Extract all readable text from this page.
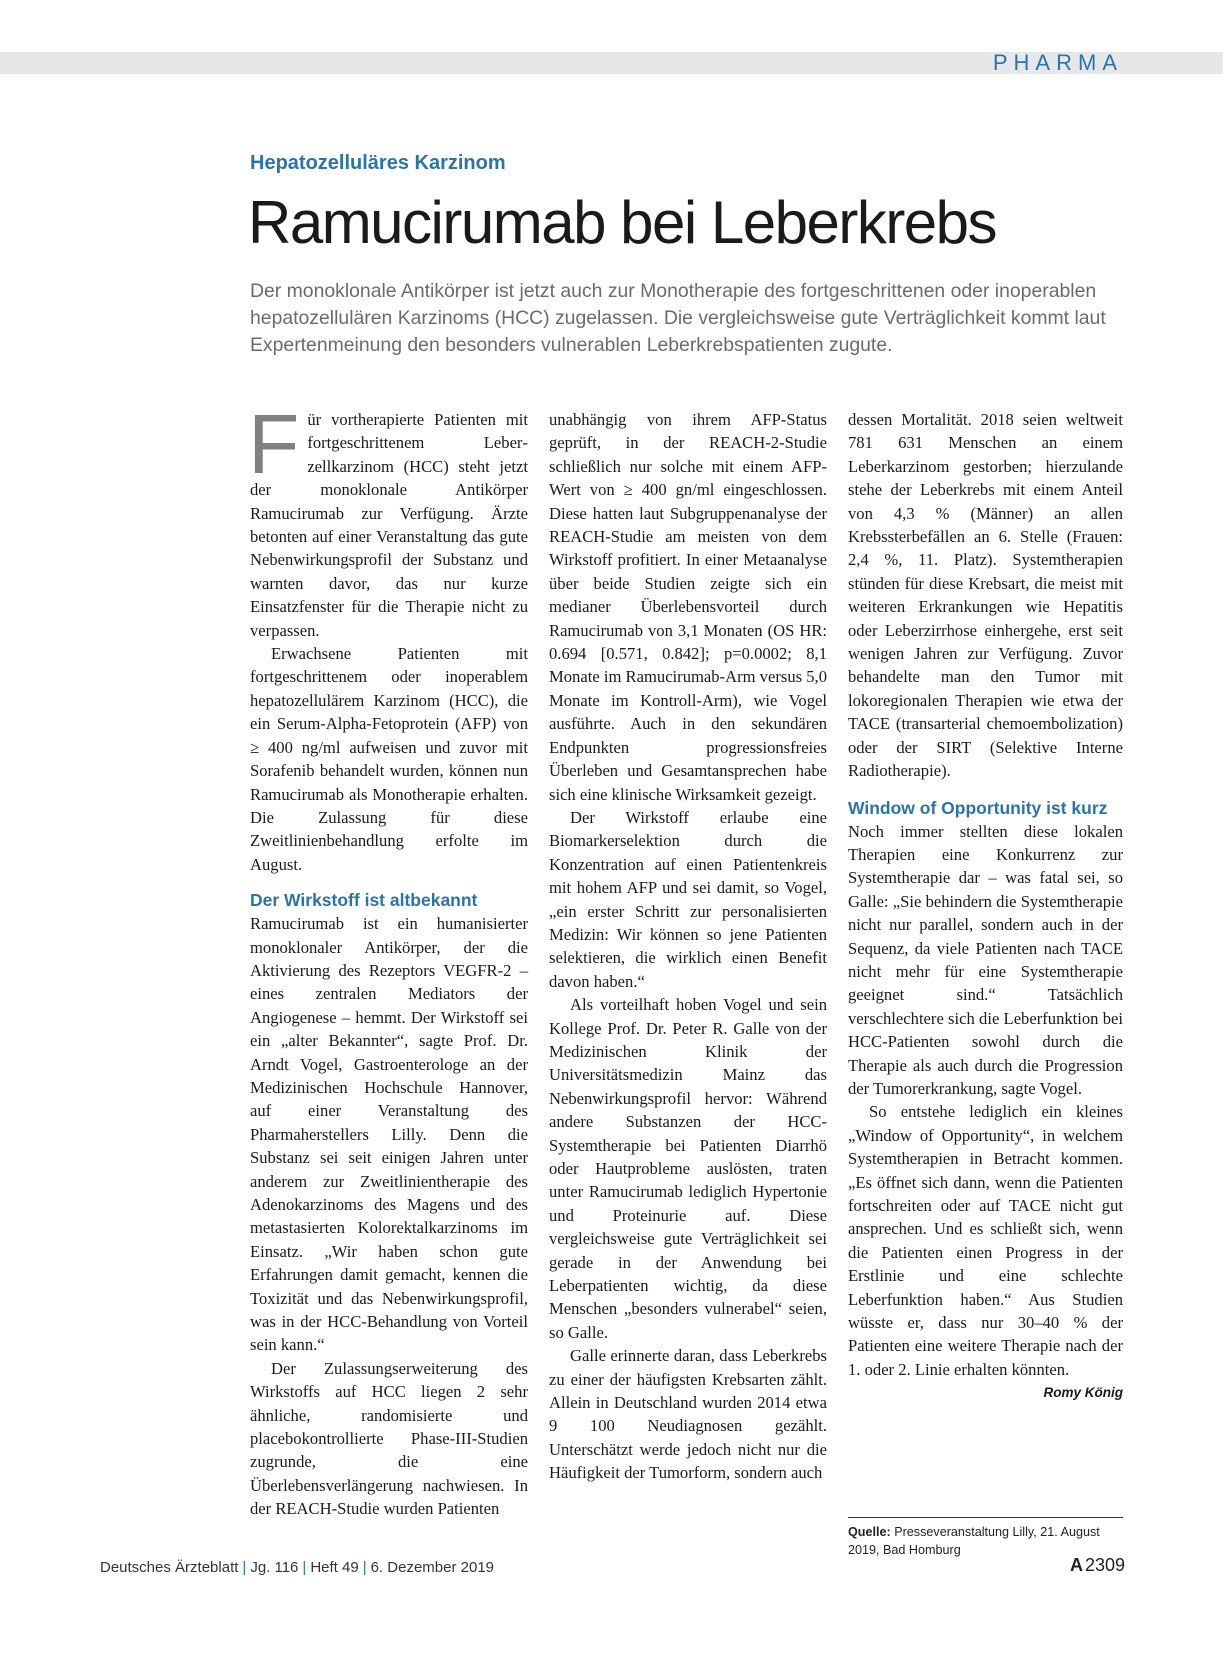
PHARMA
Hepatozelluläres Karzinom
Ramucirumab bei Leberkrebs

Der monoklonale Antikörper ist jetzt auch zur Monotherapie des fortgeschrittenen oder inoperablen hepatozellulären Karzinoms (HCC) zugelassen. Die vergleichsweise gute Verträglichkeit kommt laut Expertenmeinung den besonders vulnerablen Leberkrebspatienten zugute.

Für vortherapierte Patienten mit fortgeschrittenem Leberzellkarzinom (HCC) steht jetzt der monoklonale Antikörper Ramucirumab zur Verfügung. Ärzte betonten auf einer Veranstaltung das gute Nebenwirkungsprofil der Substanz und warnten davor, das nur kurze Einsatzfenster für die Therapie nicht zu verpassen.

Erwachsene Patienten mit fortgeschrittenem oder inoperablem hepatozellulärem Karzinom (HCC), die ein Serum-Alpha-Fetoprotein (AFP) von ≥ 400 ng/ml aufweisen und zuvor mit Sorafenib behandelt wurden, können nun Ramucirumab als Monotherapie erhalten. Die Zulassung für diese Zweitlinienbehandlung erfolte im August.

Der Wirkstoff ist altbekannt

Ramucirumab ist ein humanisierter monoklonaler Antikörper, der die Aktivierung des Rezeptors VEGFR-2 – eines zentralen Mediators der Angiogenese – hemmt. Der Wirkstoff sei ein „alter Bekannter“, sagte Prof. Dr. Arndt Vogel, Gastroenterologe an der Medizinischen Hochschule Hannover, auf einer Veranstaltung des Pharmaherstellers Lilly. Denn die Substanz sei seit einigen Jahren unter anderem zur Zweitlinientherapie des Adenokarzinoms des Magens und des metastasierten Kolorektalkarzinoms im Einsatz. „Wir haben schon gute Erfahrungen damit gemacht, kennen die Toxizität und das Nebenwirkungsprofil, was in der HCC-Behandlung von Vorteil sein kann.“

Der Zulassungserweiterung des Wirkstoffs auf HCC liegen 2 sehr ähnliche, randomisierte und placebokontrollierte Phase-III-Studien zugrunde, die eine Überlebensverlängerung nachwiesen. In der REACH-Studie wurden Patienten

unabhängig von ihrem AFP-Status geprüft, in der REACH-2-Studie schließlich nur solche mit einem AFP-Wert von ≥ 400 gn/ml eingeschlossen. Diese hatten laut Subgruppenanalyse der REACH-Studie am meisten von dem Wirkstoff profitiert. In einer Metaanalyse über beide Studien zeigte sich ein medianer Überlebensvorteil durch Ramucirumab von 3,1 Monaten (OS HR: 0.694 [0.571, 0.842]; p=0.0002; 8,1 Monate im Ramucirumab-Arm versus 5,0 Monate im Kontroll-Arm), wie Vogel ausführte. Auch in den sekundären Endpunkten progressionsfreies Überleben und Gesamtansprechen habe sich eine klinische Wirksamkeit gezeigt.

Der Wirkstoff erlaube eine Biomarkerselektion durch die Konzentration auf einen Patientenkreis mit hohem AFP und sei damit, so Vogel, „ein erster Schritt zur personalisierten Medizin: Wir können so jene Patienten selektieren, die wirklich einen Benefit davon haben.“

Als vorteilhaft hoben Vogel und sein Kollege Prof. Dr. Peter R. Galle von der Medizinischen Klinik der Universitätsmedizin Mainz das Nebenwirkungsprofil hervor: Während andere Substanzen der HCC-Systemtherapie bei Patienten Diarrhö oder Hautprobleme auslösten, traten unter Ramucirumab lediglich Hypertonie und Proteinurie auf. Diese vergleichsweise gute Verträglichkeit sei gerade in der Anwendung bei Leberpatienten wichtig, da diese Menschen „besonders vulnerabel“ seien, so Galle.

Galle erinnerte daran, dass Leberkrebs zu einer der häufigsten Krebsarten zählt. Allein in Deutschland wurden 2014 etwa 9 100 Neudiagnosen gezählt. Unterschätzt werde jedoch nicht nur die Häufigkeit der Tumorform, sondern auch

dessen Mortalität. 2018 seien weltweit 781 631 Menschen an einem Leberkarzinom gestorben; hierzulande stehe der Leberkrebs mit einem Anteil von 4,3 % (Männer) an allen Krebssterbefällen an 6. Stelle (Frauen: 2,4 %, 11. Platz). Systemtherapien stünden für diese Krebsart, die meist mit weiteren Erkrankungen wie Hepatitis oder Leberzirrhose einhergehe, erst seit wenigen Jahren zur Verfügung. Zuvor behandelte man den Tumor mit lokoregionalen Therapien wie etwa der TACE (transarterial chemoembolization) oder der SIRT (Selektive Interne Radiotherapie).

Window of Opportunity ist kurz

Noch immer stellten diese lokalen Therapien eine Konkurrenz zur Systemtherapie dar – was fatal sei, so Galle: „Sie behindern die Systemtherapie nicht nur parallel, sondern auch in der Sequenz, da viele Patienten nach TACE nicht mehr für eine Systemtherapie geeignet sind.“ Tatsächlich verschlechtere sich die Leberfunktion bei HCC-Patienten sowohl durch die Therapie als auch durch die Progression der Tumorerkrankung, sagte Vogel.

So entstehe lediglich ein kleines „Window of Opportunity“, in welchem Systemtherapien in Betracht kommen. „Es öffnet sich dann, wenn die Patienten fortschreiten oder auf TACE nicht gut ansprechen. Und es schließt sich, wenn die Patienten einen Progress in der Erstlinie und eine schlechte Leberfunktion haben.“ Aus Studien wüsste er, dass nur 30–40 % der Patienten eine weitere Therapie nach der 1. oder 2. Linie erhalten könnten.
Romy König

Quelle: Presseveranstaltung Lilly, 21. August 2019, Bad Homburg
Deutsches Ärzteblatt | Jg. 116 | Heft 49 | 6. Dezember 2019	A 2309
